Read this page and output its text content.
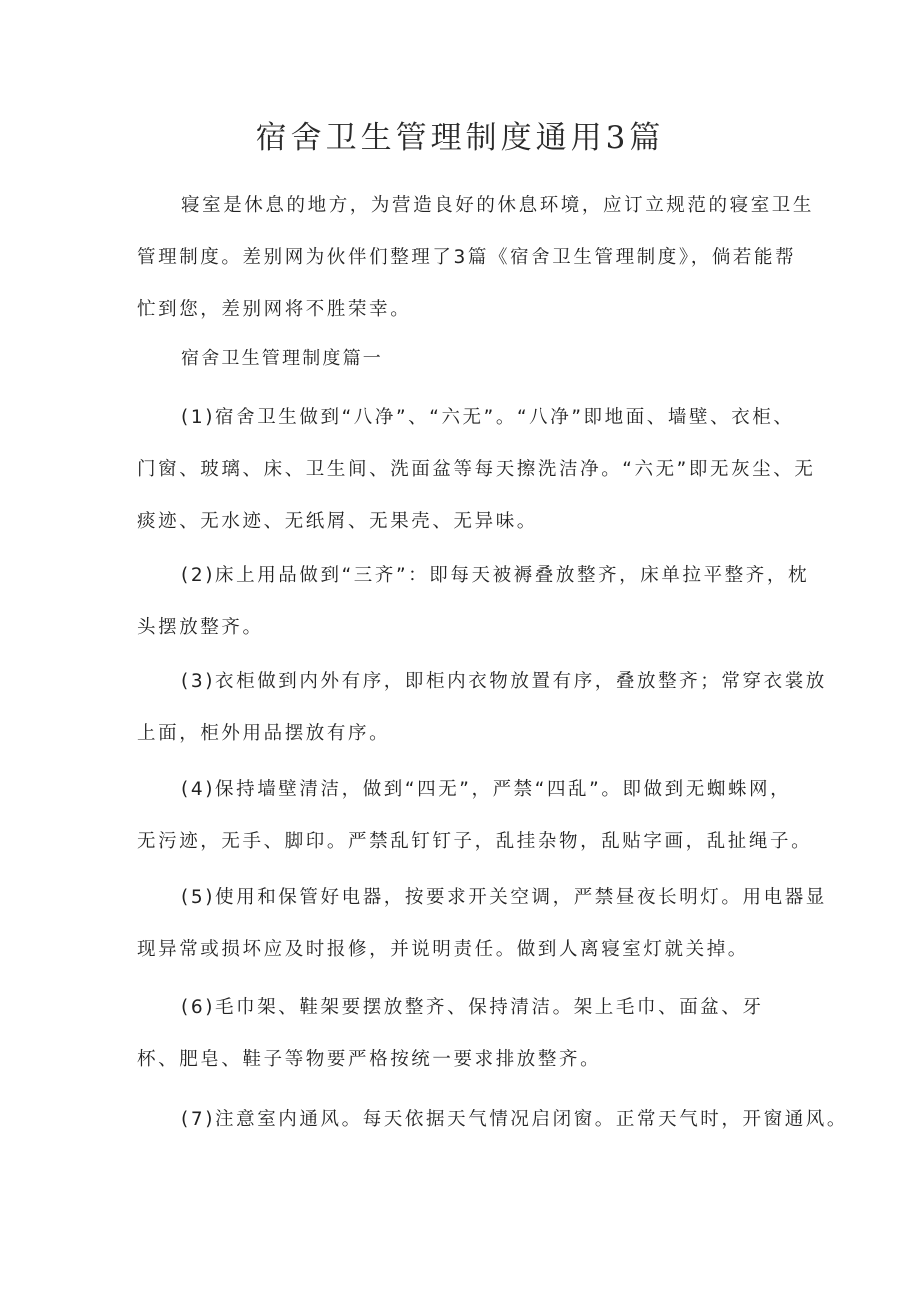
宿舍卫生管理制度通用3篇
寝室是休息的地方，为营造良好的休息环境，应订立规范的寝室卫生
管理制度。差别网为伙伴们整理了3篇《宿舍卫生管理制度》，倘若能帮
忙到您，差别网将不胜荣幸。
宿舍卫生管理制度篇一
(1)宿舍卫生做到“八净”、“六无”。“八净”即地面、墙壁、衣柜、
门窗、玻璃、床、卫生间、洗面盆等每天擦洗洁净。“六无”即无灰尘、无
痰迹、无水迹、无纸屑、无果壳、无异味。
(2)床上用品做到“三齐”：即每天被褥叠放整齐，床单拉平整齐，枕
头摆放整齐。
(3)衣柜做到内外有序，即柜内衣物放置有序，叠放整齐；常穿衣裳放
上面，柜外用品摆放有序。
(4)保持墙壁清洁，做到“四无”，严禁“四乱”。即做到无蜘蛛网，
无污迹，无手、脚印。严禁乱钉钉子，乱挂杂物，乱贴字画，乱扯绳子。
(5)使用和保管好电器，按要求开关空调，严禁昼夜长明灯。用电器显
现异常或损坏应及时报修，并说明责任。做到人离寝室灯就关掉。
(6)毛巾架、鞋架要摆放整齐、保持清洁。架上毛巾、面盆、牙
杯、肥皂、鞋子等物要严格按统一要求排放整齐。
(7)注意室内通风。每天依据天气情况启闭窗。正常天气时，开窗通风。
